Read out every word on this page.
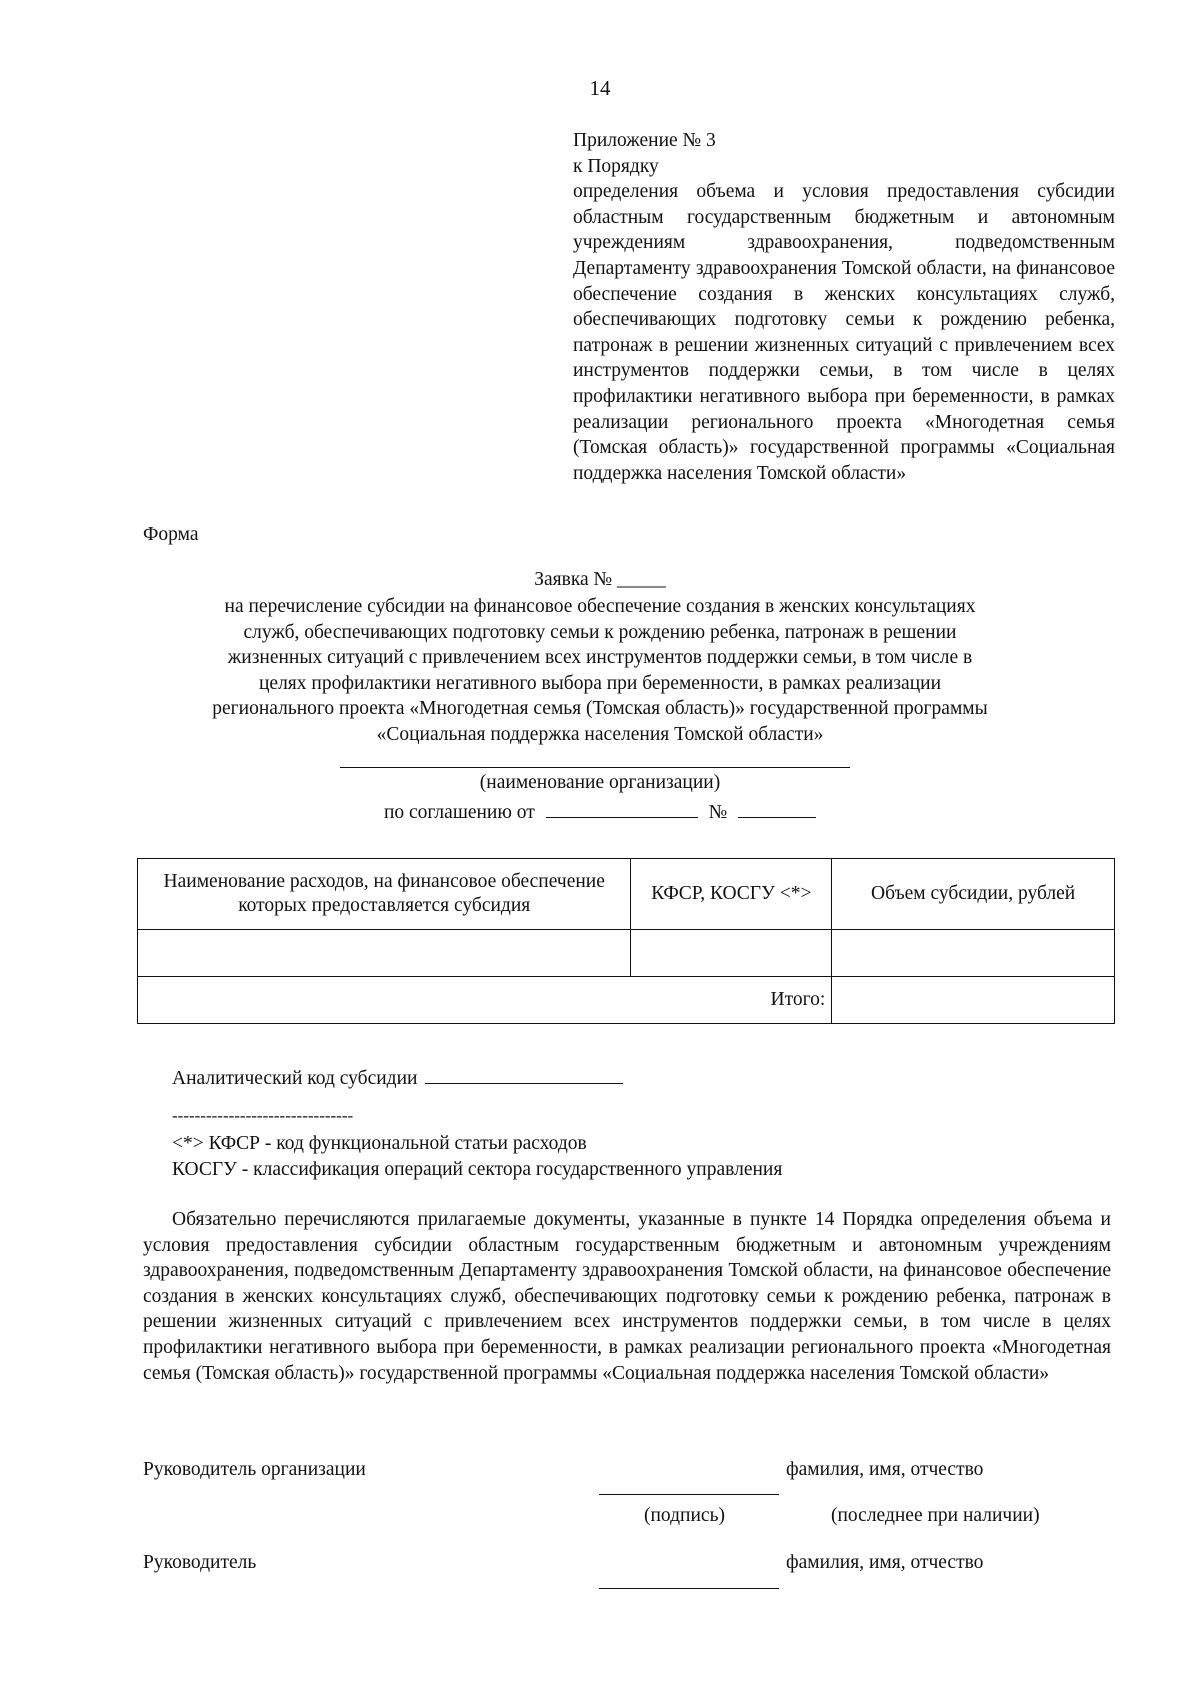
14
Приложение № 3
к Порядку
определения объема и условия предоставления субсидии областным государственным бюджетным и автономным учреждениям здравоохранения, подведомственным Департаменту здравоохранения Томской области, на финансовое обеспечение создания в женских консультациях служб, обеспечивающих подготовку семьи к рождению ребенка, патронаж в решении жизненных ситуаций с привлечением всех инструментов поддержки семьи, в том числе в целях профилактики негативного выбора при беременности, в рамках реализации регионального проекта «Многодетная семья (Томская область)» государственной программы «Социальная поддержка населения Томской области»
Форма
Заявка № _____
на перечисление субсидии на финансовое обеспечение создания в женских консультациях
служб, обеспечивающих подготовку семьи к рождению ребенка, патронаж в решении
жизненных ситуаций с привлечением всех инструментов поддержки семьи, в том числе в
целях профилактики негативного выбора при беременности, в рамках реализации
регионального проекта «Многодетная семья (Томская область)» государственной программы
«Социальная поддержка населения Томской области»
(наименование организации)
по соглашению от	№
Наименование расходов, на финансовое обеспечение которых предоставляется субсидия	КФСР, КОСГУ <*>	Объем субсидии, рублей

Итого:		
Аналитический код субсидии
--------------------------------
<*> КФСР - код функциональной статьи расходов
КОСГУ - классификация операций сектора государственного управления
Обязательно перечисляются прилагаемые документы, указанные в пункте 14 Порядка определения объема и условия предоставления субсидии областным государственным бюджетным и автономным учреждениям здравоохранения, подведомственным Департаменту здравоохранения Томской области, на финансовое обеспечение создания в женских консультациях служб, обеспечивающих подготовку семьи к рождению ребенка, патронаж в решении жизненных ситуаций с привлечением всех инструментов поддержки семьи, в том числе в целях профилактики негативного выбора при беременности, в рамках реализации регионального проекта «Многодетная семья (Томская область)» государственной программы «Социальная поддержка населения Томской области»
Руководитель организации	фамилия, имя, отчество
(подпись)	(последнее при наличии)
Руководитель	фамилия, имя, отчество
